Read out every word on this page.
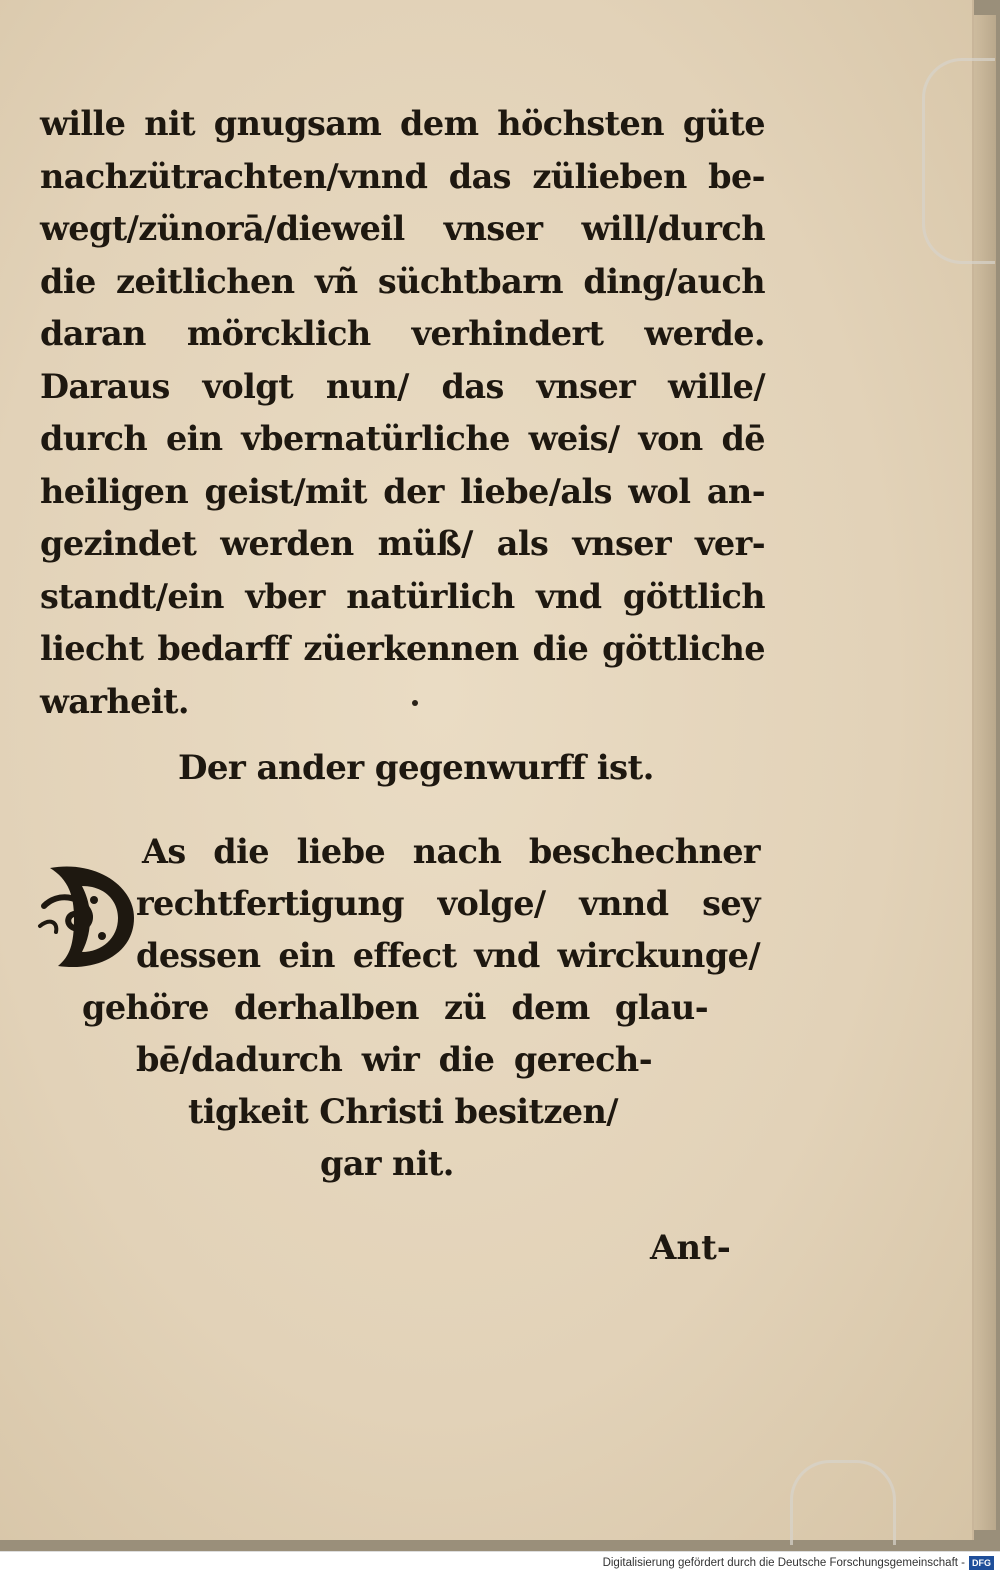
wille nit gnugsam dem höchsten güte
nachzütrachten/vnnd das zülieben be-
wegt/zünorā/dieweil vnser will/durch
die zeitlichen vñ süchtbarn ding/auch
daran mörcklich verhindert werde.
Daraus volgt nun/ das vnser wille/
durch ein vbernatürliche weis/ von dē
heiligen geist/mit der liebe/als wol an-
gezindet werden müß/ als vnser ver-
standt/ein vber natürlich vnd göttlich
liecht bedarff züerkennen die göttliche
warheit.
Der ander gegenwurff ist.
As die liebe nach beschechner
rechtfertigung volge/ vnnd sey
dessen ein effect vnd wirckunge/
gehöre derhalben zü dem glau-
bē/dadurch wir die gerech-
tigkeit Christi besitzen/
gar nit.
Ant-
Digitalisierung gefördert durch die Deutsche Forschungsgemeinschaft - DFG
